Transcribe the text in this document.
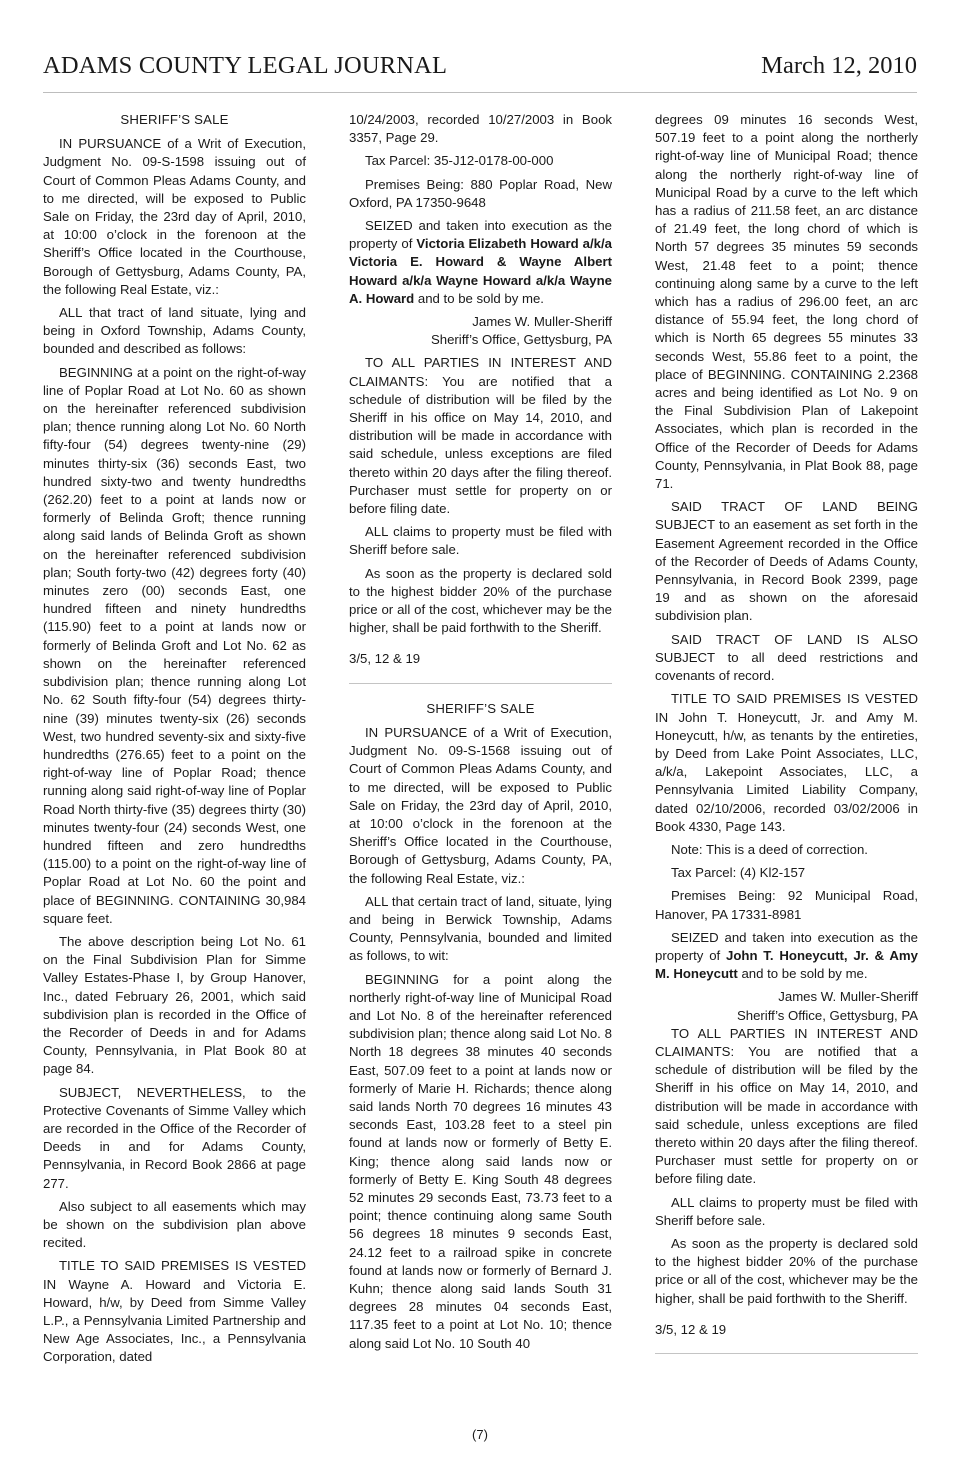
ADAMS COUNTY LEGAL JOURNAL	March 12, 2010
SHERIFF’S SALE

IN PURSUANCE of a Writ of Execution, Judgment No. 09-S-1598 issuing out of Court of Common Pleas Adams County, and to me directed, will be exposed to Public Sale on Friday, the 23rd day of April, 2010, at 10:00 o’clock in the forenoon at the Sheriff’s Office located in the Courthouse, Borough of Gettysburg, Adams County, PA, the following Real Estate, viz.:

ALL that tract of land situate, lying and being in Oxford Township, Adams County, bounded and described as follows:

BEGINNING at a point on the right-of-way line of Poplar Road at Lot No. 60 as shown on the hereinafter referenced subdivision plan; thence running along Lot No. 60 North fifty-four (54) degrees twenty-nine (29) minutes thirty-six (36) seconds East, two hundred sixty-two and twenty hundredths (262.20) feet to a point at lands now or formerly of Belinda Groft; thence running along said lands of Belinda Groft as shown on the hereinafter referenced subdivision plan; South forty-two (42) degrees forty (40) minutes zero (00) seconds East, one hundred fifteen and ninety hundredths (115.90) feet to a point at lands now or formerly of Belinda Groft and Lot No. 62 as shown on the hereinafter referenced subdivision plan; thence running along Lot No. 62 South fifty-four (54) degrees thirty-nine (39) minutes twenty-six (26) seconds West, two hundred seventy-six and sixty-five hundredths (276.65) feet to a point on the right-of-way line of Poplar Road; thence running along said right-of-way line of Poplar Road North thirty-five (35) degrees thirty (30) minutes twenty-four (24) seconds West, one hundred fifteen and zero hundredths (115.00) to a point on the right-of-way line of Poplar Road at Lot No. 60 the point and place of BEGINNING. CONTAINING 30,984 square feet.

The above description being Lot No. 61 on the Final Subdivision Plan for Simme Valley Estates-Phase I, by Group Hanover, Inc., dated February 26, 2001, which said subdivision plan is recorded in the Office of the Recorder of Deeds in and for Adams County, Pennsylvania, in Plat Book 80 at page 84.

SUBJECT, NEVERTHELESS, to the Protective Covenants of Simme Valley which are recorded in the Office of the Recorder of Deeds in and for Adams County, Pennsylvania, in Record Book 2866 at page 277.

Also subject to all easements which may be shown on the subdivision plan above recited.

TITLE TO SAID PREMISES IS VESTED IN Wayne A. Howard and Victoria E. Howard, h/w, by Deed from Simme Valley L.P., a Pennsylvania Limited Partnership and New Age Associates, Inc., a Pennsylvania Corporation, dated

10/24/2003, recorded 10/27/2003 in Book 3357, Page 29.

Tax Parcel: 35-J12-0178-00-000

Premises Being: 880 Poplar Road, New Oxford, PA 17350-9648

SEIZED and taken into execution as the property of Victoria Elizabeth Howard a/k/a Victoria E. Howard & Wayne Albert Howard a/k/a Wayne Howard a/k/a Wayne A. Howard and to be sold by me.

James W. Muller-Sheriff
Sheriff’s Office, Gettysburg, PA

TO ALL PARTIES IN INTEREST AND CLAIMANTS: You are notified that a schedule of distribution will be filed by the Sheriff in his office on May 14, 2010, and distribution will be made in accordance with said schedule, unless exceptions are filed thereto within 20 days after the filing thereof. Purchaser must settle for property on or before filing date.

ALL claims to property must be filed with Sheriff before sale.

As soon as the property is declared sold to the highest bidder 20% of the purchase price or all of the cost, whichever may be the higher, shall be paid forthwith to the Sheriff.

3/5, 12 & 19
SHERIFF’S SALE

IN PURSUANCE of a Writ of Execution, Judgment No. 09-S-1568 issuing out of Court of Common Pleas Adams County, and to me directed, will be exposed to Public Sale on Friday, the 23rd day of April, 2010, at 10:00 o’clock in the forenoon at the Sheriff’s Office located in the Courthouse, Borough of Gettysburg, Adams County, PA, the following Real Estate, viz.:

ALL that certain tract of land, situate, lying and being in Berwick Township, Adams County, Pennsylvania, bounded and limited as follows, to wit:

BEGINNING for a point along the northerly right-of-way line of Municipal Road and Lot No. 8 of the hereinafter referenced subdivision plan; thence along said Lot No. 8 North 18 degrees 38 minutes 40 seconds East, 507.09 feet to a point at lands now or formerly of Marie H. Richards; thence along said lands North 70 degrees 16 minutes 43 seconds East, 103.28 feet to a steel pin found at lands now or formerly of Betty E. King; thence along said lands now or formerly of Betty E. King South 48 degrees 52 minutes 29 seconds East, 73.73 feet to a point; thence continuing along same South 56 degrees 18 minutes 9 seconds East, 24.12 feet to a railroad spike in concrete found at lands now or formerly of Bernard J. Kuhn; thence along said lands South 31 degrees 28 minutes 04 seconds East, 117.35 feet to a point at Lot No. 10; thence along said Lot No. 10 South 40

degrees 09 minutes 16 seconds West, 507.19 feet to a point along the northerly right-of-way line of Municipal Road; thence along the northerly right-of-way line of Municipal Road by a curve to the left which has a radius of 211.58 feet, an arc distance of 21.49 feet, the long chord of which is North 57 degrees 35 minutes 59 seconds West, 21.48 feet to a point; thence continuing along same by a curve to the left which has a radius of 296.00 feet, an arc distance of 55.94 feet, the long chord of which is North 65 degrees 55 minutes 33 seconds West, 55.86 feet to a point, the place of BEGINNING. CONTAINING 2.2368 acres and being identified as Lot No. 9 on the Final Subdivision Plan of Lakepoint Associates, which plan is recorded in the Office of the Recorder of Deeds for Adams County, Pennsylvania, in Plat Book 88, page 71.

SAID TRACT OF LAND BEING SUBJECT to an easement as set forth in the Easement Agreement recorded in the Office of the Recorder of Deeds of Adams County, Pennsylvania, in Record Book 2399, page 19 and as shown on the aforesaid subdivision plan.

SAID TRACT OF LAND IS ALSO SUBJECT to all deed restrictions and covenants of record.

TITLE TO SAID PREMISES IS VESTED IN John T. Honeycutt, Jr. and Amy M. Honeycutt, h/w, as tenants by the entireties, by Deed from Lake Point Associates, LLC, a/k/a, Lakepoint Associates, LLC, a Pennsylvania Limited Liability Company, dated 02/10/2006, recorded 03/02/2006 in Book 4330, Page 143.

Note: This is a deed of correction.

Tax Parcel: (4) Kl2-157

Premises Being: 92 Municipal Road, Hanover, PA 17331-8981

SEIZED and taken into execution as the property of John T. Honeycutt, Jr. & Amy M. Honeycutt and to be sold by me.

James W. Muller-Sheriff
Sheriff’s Office, Gettysburg, PA

TO ALL PARTIES IN INTEREST AND CLAIMANTS: You are notified that a schedule of distribution will be filed by the Sheriff in his office on May 14, 2010, and distribution will be made in accordance with said schedule, unless exceptions are filed thereto within 20 days after the filing thereof. Purchaser must settle for property on or before filing date.

ALL claims to property must be filed with Sheriff before sale.

As soon as the property is declared sold to the highest bidder 20% of the purchase price or all of the cost, whichever may be the higher, shall be paid forthwith to the Sheriff.

3/5, 12 & 19
(7)
